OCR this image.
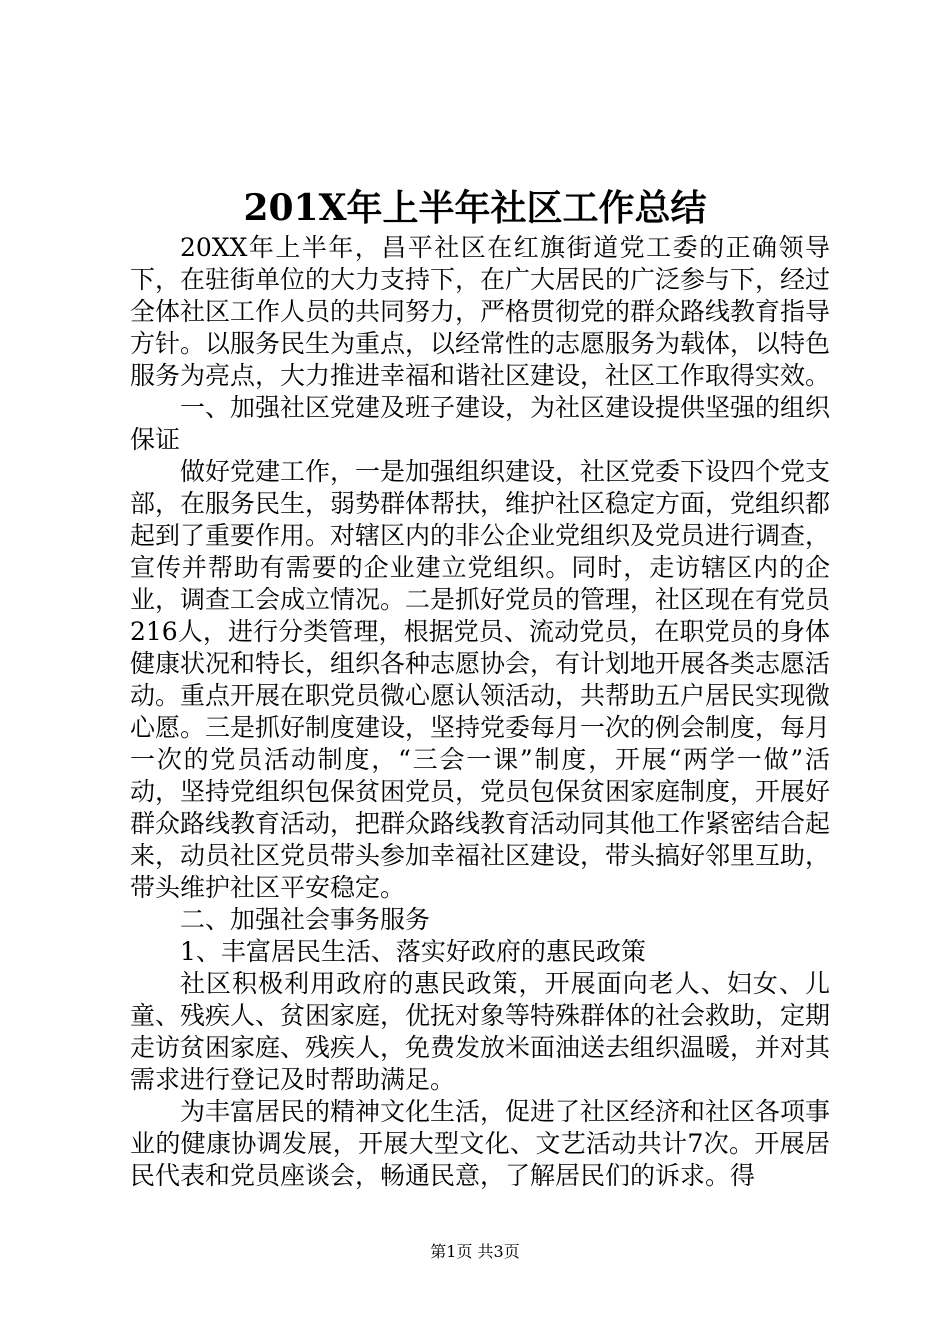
201X年上半年社区工作总结

20XX年上半年，昌平社区在红旗街道党工委的正确领导下，在驻街单位的大力支持下，在广大居民的广泛参与下，经过全体社区工作人员的共同努力，严格贯彻党的群众路线教育指导方针。以服务民生为重点，以经常性的志愿服务为载体，以特色服务为亮点，大力推进幸福和谐社区建设，社区工作取得实效。

一、加强社区党建及班子建设，为社区建设提供坚强的组织保证

做好党建工作，一是加强组织建设，社区党委下设四个党支部，在服务民生，弱势群体帮扶，维护社区稳定方面，党组织都起到了重要作用。对辖区内的非公企业党组织及党员进行调查，宣传并帮助有需要的企业建立党组织。同时，走访辖区内的企业，调查工会成立情况。二是抓好党员的管理，社区现在有党员216人，进行分类管理，根据党员、流动党员，在职党员的身体健康状况和特长，组织各种志愿协会，有计划地开展各类志愿活动。重点开展在职党员微心愿认领活动，共帮助五户居民实现微心愿。三是抓好制度建设，坚持党委每月一次的例会制度，每月一次的党员活动制度，“三会一课”制度，开展“两学一做”活动，坚持党组织包保贫困党员，党员包保贫困家庭制度，开展好群众路线教育活动，把群众路线教育活动同其他工作紧密结合起来，动员社区党员带头参加幸福社区建设，带头搞好邻里互助，带头维护社区平安稳定。

二、加强社会事务服务

1、丰富居民生活、落实好政府的惠民政策

社区积极利用政府的惠民政策，开展面向老人、妇女、儿童、残疾人、贫困家庭，优抚对象等特殊群体的社会救助，定期走访贫困家庭、残疾人，免费发放米面油送去组织温暖，并对其需求进行登记及时帮助满足。

为丰富居民的精神文化生活，促进了社区经济和社区各项事业的健康协调发展，开展大型文化、文艺活动共计7次。开展居民代表和党员座谈会，畅通民意，了解居民们的诉求。得

第1页 共3页
